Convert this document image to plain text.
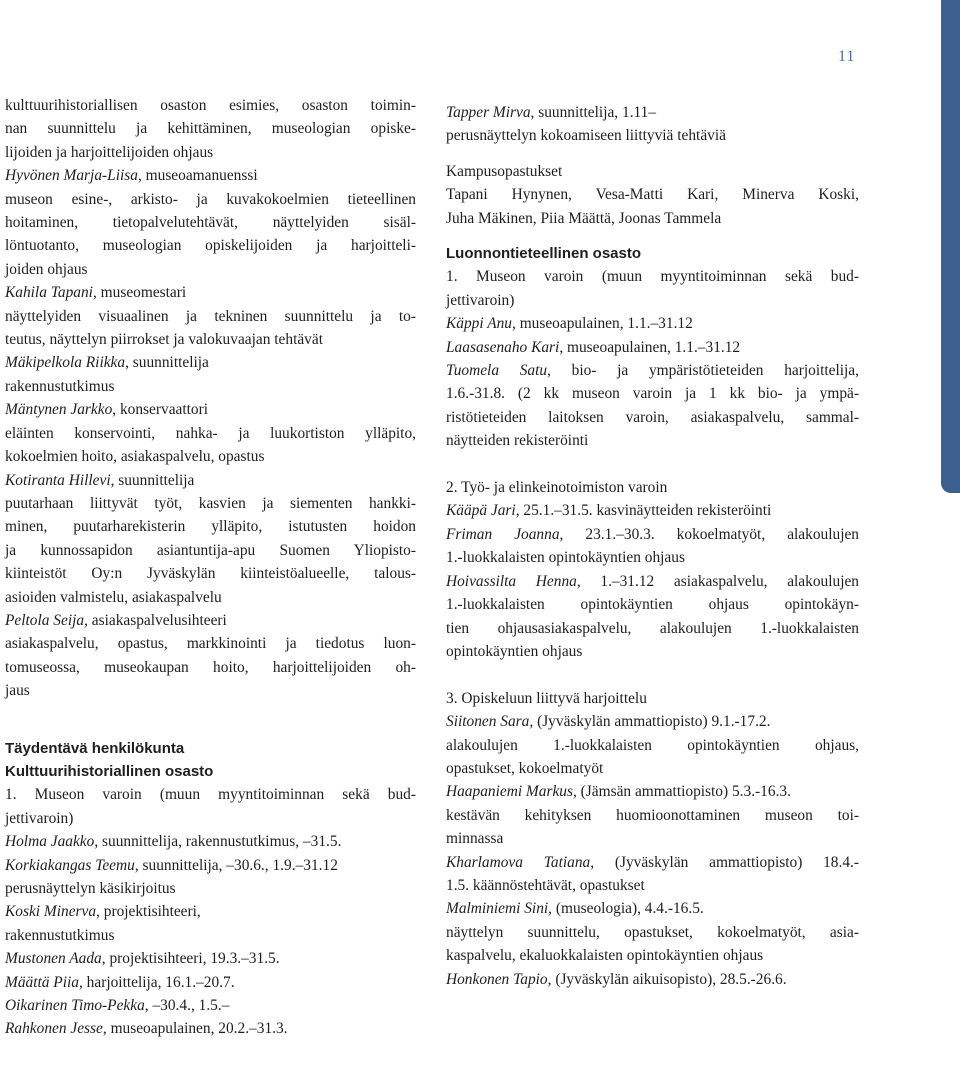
11
kulttuurihistoriallisen osaston esimies, osaston toimin-
nan suunnittelu ja kehittäminen, museologian opiske-
lijoiden ja harjoittelijoiden ohjaus
Hyvönen Marja-Liisa, museoamanuenssi
museon esine-, arkisto- ja kuvakokoelmien tieteellinen
hoitaminen, tietopalvelutehtävät, näyttelyiden sisäl-
löntuotanto, museologian opiskelijoiden ja harjoitteli-
joiden ohjaus
Kahila Tapani, museomestari
näyttelyiden visuaalinen ja tekninen suunnittelu ja to-
teutus, näyttelyn piirrokset ja valokuvaajan tehtävät
Mäkipelkola Riikka, suunnittelija
rakennustutkimus
Mäntynen Jarkko, konservaattori
eläinten konservointi, nahka- ja luukortiston ylläpito,
kokoelmien hoito, asiakaspalvelu, opastus
Kotiranta Hillevi, suunnittelija
puutarhaan liittyvät työt, kasvien ja siementen hankki-
minen, puutarharekisterin ylläpito, istutusten hoidon
ja kunnossapidon asiantuntija-apu Suomen Yliopisto-
kiinteistöt Oy:n Jyväskylän kiinteistöalueelle, talous-
asioiden valmistelu, asiakaspalvelu
Peltola Seija, asiakaspalvelusihteeri
asiakaspalvelu, opastus, markkinointi ja tiedotus luon-
tomuseossa, museokaupan hoito, harjoittelijoiden oh-
jaus
Täydentävä henkilökunta
Kulttuurihistoriallinen osasto
1. Museon varoin (muun myyntitoiminnan sekä bud-
jettivaroin)
Holma Jaakko, suunnittelija, rakennustutkimus, –31.5.
Korkiakangas Teemu, suunnittelija, –30.6., 1.9.–31.12
perusnäyttelyn käsikirjoitus
Koski Minerva, projektisihteeri,
rakennustutkimus
Mustonen Aada, projektisihteeri, 19.3.–31.5.
Määttä Piia, harjoittelija, 16.1.–20.7.
Oikarinen Timo-Pekka, –30.4., 1.5.–
Rahkonen Jesse, museoapulainen, 20.2.–31.3.
Tapper Mirva, suunnittelija, 1.11–
perusnäyttelyn kokoamiseen liittyviä tehtäviä
Kampusopastukset
Tapani Hynynen, Vesa-Matti Kari, Minerva Koski,
Juha Mäkinen, Piia Määttä, Joonas Tammela
Luonnontieteellinen osasto
1. Museon varoin (muun myyntitoiminnan sekä bud-
jettivaroin)
Käppi Anu, museoapulainen, 1.1.–31.12
Laasasenaho Kari, museoapulainen, 1.1.–31.12
Tuomela Satu, bio- ja ympäristötieteiden harjoittelija,
1.6.-31.8. (2 kk museon varoin ja 1 kk bio- ja ympä-
ristötieteiden laitoksen varoin, asiakaspalvelu, sammal-
näytteiden rekisteröinti
2. Työ- ja elinkeinotoimiston varoin
Kääpä Jari, 25.1.–31.5. kasvinäytteiden rekisteröinti
Friman Joanna, 23.1.–30.3. kokoelmatyöt, alakoulujen
1.-luokkalaisten opintokäyntien ohjaus
Hoivassilta Henna, 1.–31.12 asiakaspalvelu, alakoulujen
1.-luokkalaisten opintokäyntien ohjaus opintokäyn-
tien ohjausasiakaspalvelu, alakoulujen 1.-luokkalaisten
opintokäyntien ohjaus
3. Opiskeluun liittyvä harjoittelu
Siitonen Sara, (Jyväskylän ammattiopisto) 9.1.-17.2.
alakoulujen 1.-luokkalaisten opintokäyntien ohjaus,
opastukset, kokoelmatyöt
Haapaniemi Markus, (Jämsän ammattiopisto) 5.3.-16.3.
kestävän kehityksen huomioonottaminen museon toi-
minnassa
Kharlamova Tatiana, (Jyväskylän ammattiopisto) 18.4.-
1.5. käännöstehtävät, opastukset
Malminiemi Sini, (museologia), 4.4.-16.5.
näyttelyn suunnittelu, opastukset, kokoelmatyöt, asia-
kaspalvelu, ekaluokkalaisten opintokäyntien ohjaus
Honkonen Tapio, (Jyväskylän aikuisopisto), 28.5.-26.6.
